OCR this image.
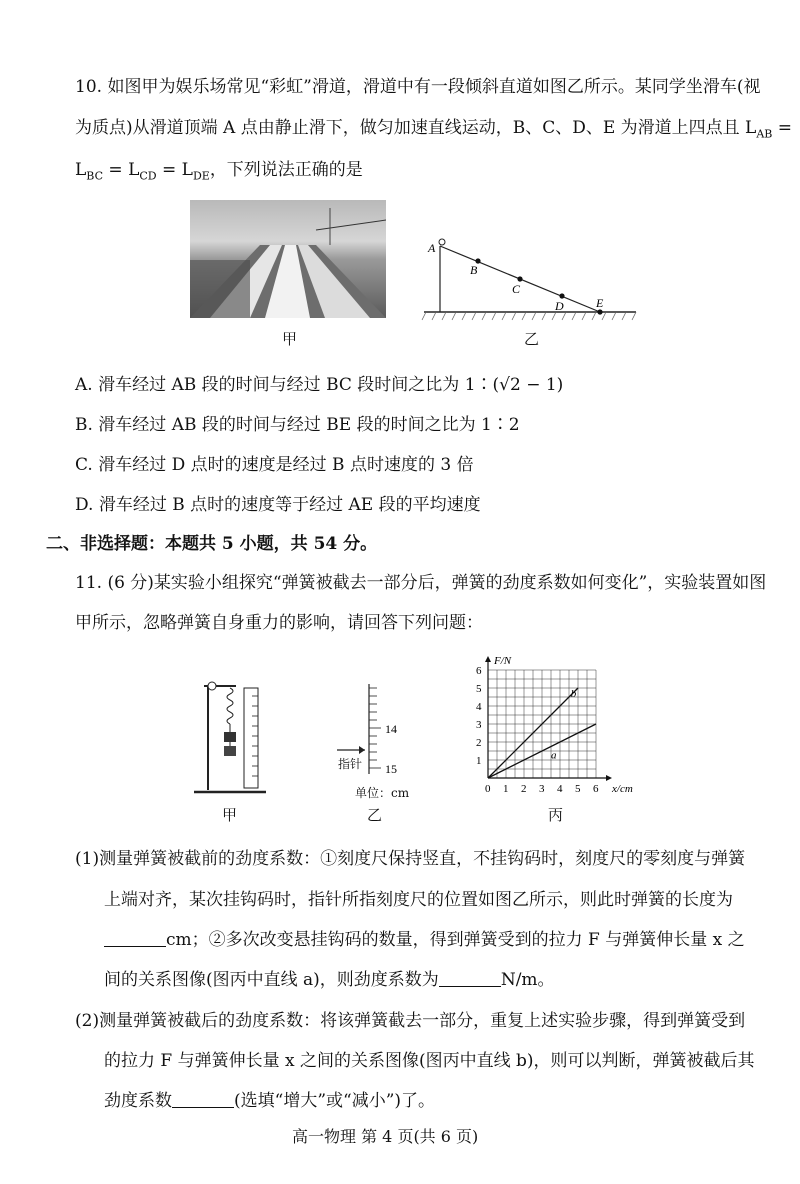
10. 如图甲为娱乐场常见“彩虹”滑道，滑道中有一段倾斜直道如图乙所示。某同学坐滑车(视
为质点)从滑道顶端 A 点由静止滑下，做匀加速直线运动，B、C、D、E 为滑道上四点且 $L_{AB}$ =
$L_{BC} = L_{CD} = L_{DE}$，下列说法正确的是
甲
A
B
C
D	E
乙
A. 滑车经过 AB 段的时间与经过 BC 段时间之比为 1∶(√2 − 1)
B. 滑车经过 AB 段的时间与经过 BE 段的时间之比为 1∶2
C. 滑车经过 D 点时的速度是经过 B 点时速度的 3 倍
D. 滑车经过 B 点时的速度等于经过 AE 段的平均速度
二、非选择题：本题共 5 小题，共 54 分。
11. (6 分)某实验小组探究“弹簧被截去一部分后，弹簧的劲度系数如何变化”，实验装置如图
甲所示，忽略弹簧自身重力的影响，请回答下列问题：
甲
14
15
指针
单位：cm
乙
0 1 2 3 4 5 6
1
2
3
4
5
6
x/cm
F/N
a
b
丙
(1)测量弹簧被截前的劲度系数：①刻度尺保持竖直，不挂钩码时，刻度尺的零刻度与弹簧
上端对齐，某次挂钩码时，指针所指刻度尺的位置如图乙所示，则此时弹簧的长度为
cm；②多次改变悬挂钩码的数量，得到弹簧受到的拉力 F 与弹簧伸长量 x 之
间的关系图像(图丙中直线 a)，则劲度系数为	N/m。
(2)测量弹簧被截后的劲度系数：将该弹簧截去一部分，重复上述实验步骤，得到弹簧受到
的拉力 F 与弹簧伸长量 x 之间的关系图像(图丙中直线 b)，则可以判断，弹簧被截后其
劲度系数	(选填“增大”或“减小”)了。
高一物理 第 4 页(共 6 页)
